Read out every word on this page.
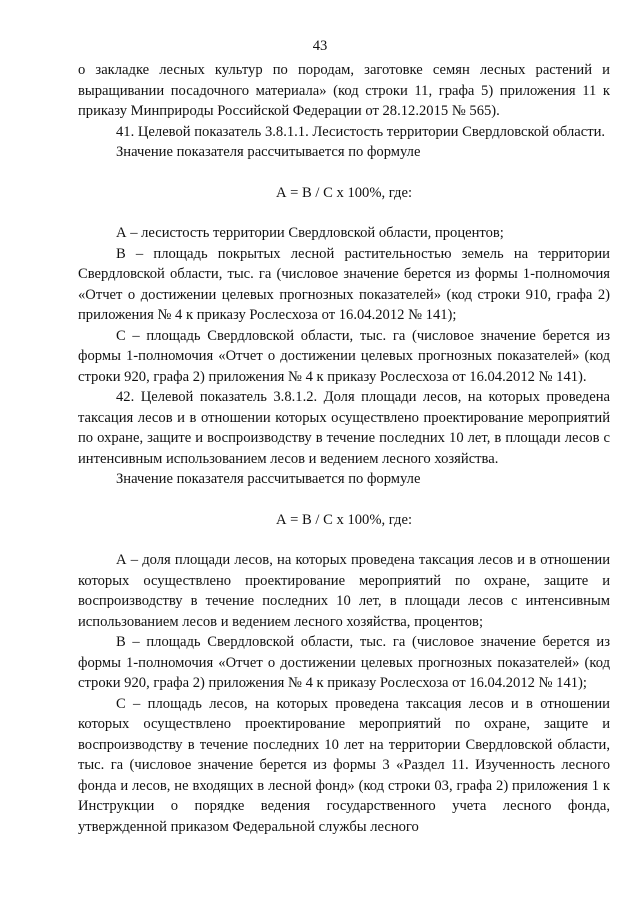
43

о закладке лесных культур по породам, заготовке семян лесных растений и выращивании посадочного материала» (код строки 11, графа 5) приложения 11 к приказу Минприроды Российской Федерации от 28.12.2015 № 565).

41. Целевой показатель 3.8.1.1. Лесистость территории Свердловской области.

Значение показателя рассчитывается по формуле

А = В / С х 100%, где:

А – лесистость территории Свердловской области, процентов;

В – площадь покрытых лесной растительностью земель на территории Свердловской области, тыс. га (числовое значение берется из формы 1-полномочия «Отчет о достижении целевых прогнозных показателей» (код строки 910, графа 2) приложения № 4 к приказу Рослесхоза от 16.04.2012 № 141);

С – площадь Свердловской области, тыс. га (числовое значение берется из формы 1-полномочия «Отчет о достижении целевых прогнозных показателей» (код строки 920, графа 2) приложения № 4 к приказу Рослесхоза от 16.04.2012 № 141).

42. Целевой показатель 3.8.1.2. Доля площади лесов, на которых проведена таксация лесов и в отношении которых осуществлено проектирование мероприятий по охране, защите и воспроизводству в течение последних 10 лет, в площади лесов с интенсивным использованием лесов и ведением лесного хозяйства.

Значение показателя рассчитывается по формуле

А = В / С х 100%, где:

А – доля площади лесов, на которых проведена таксация лесов и в отношении которых осуществлено проектирование мероприятий по охране, защите и воспроизводству в течение последних 10 лет, в площади лесов с интенсивным использованием лесов и ведением лесного хозяйства, процентов;

В – площадь Свердловской области, тыс. га (числовое значение берется из формы 1-полномочия «Отчет о достижении целевых прогнозных показателей» (код строки 920, графа 2) приложения № 4 к приказу Рослесхоза от 16.04.2012 № 141);

С – площадь лесов, на которых проведена таксация лесов и в отношении которых осуществлено проектирование мероприятий по охране, защите и воспроизводству в течение последних 10 лет на территории Свердловской области, тыс. га (числовое значение берется из формы 3 «Раздел 11. Изученность лесного фонда и лесов, не входящих в лесной фонд» (код строки 03, графа 2) приложения 1 к Инструкции о порядке ведения государственного учета лесного фонда, утвержденной приказом Федеральной службы лесного
